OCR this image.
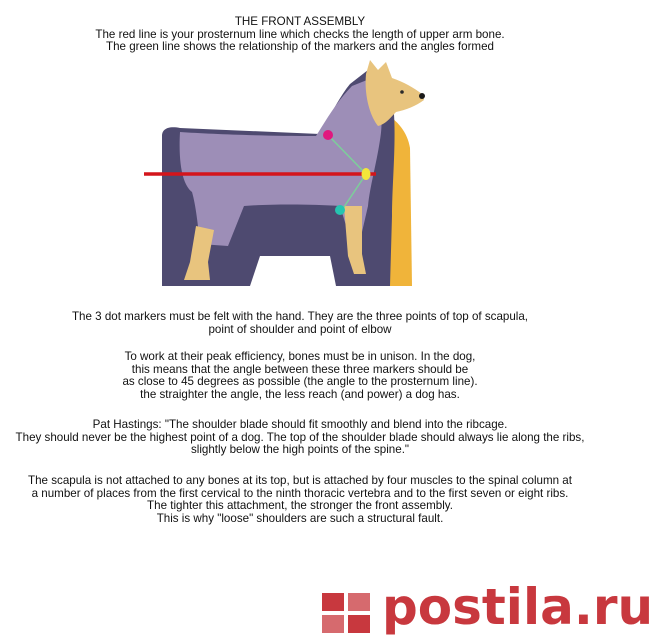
THE FRONT ASSEMBLY

The red line is your prosternum line which checks the length of upper arm bone.

The green line shows the relationship of the markers and the angles formed

The 3 dot markers must be felt with the hand. They are the three points of top of scapula,

point of shoulder and point of elbow

To work at their peak efficiency, bones must be in unison. In the dog,

this means that the angle between these three markers should be

as close to 45 degrees as possible (the angle to the prosternum line).

the straighter the angle, the less reach (and power) a dog has.

Pat Hastings: "The shoulder blade should fit smoothly and blend into the ribcage.

They should never be the highest point of a dog. The top of the shoulder blade should always lie along the ribs,

slightly below the high points of the spine."

The scapula is not attached to any bones at its top, but is attached by four muscles to the spinal column at

a number of places from the first cervical to the ninth thoracic vertebra and to the first seven or eight ribs.

The tighter this attachment, the stronger the front assembly.

This is why "loose" shoulders are such a structural fault.

postila.ru
